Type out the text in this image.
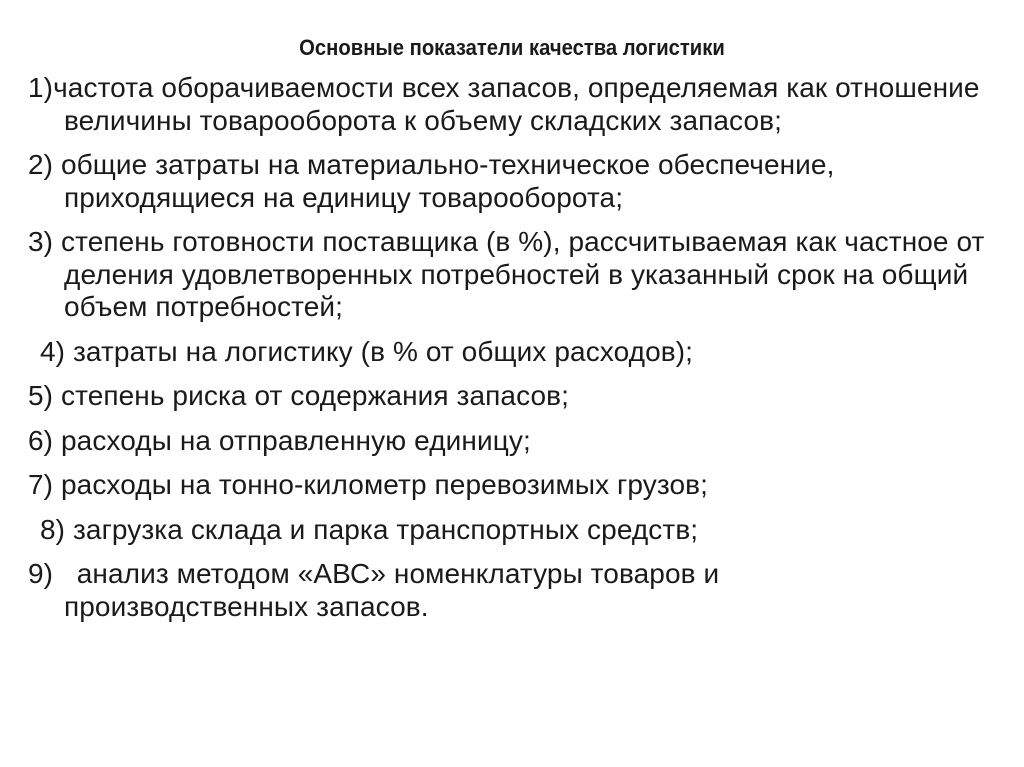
Основные показатели качества логистики
1)частота оборачиваемости всех запасов, определяемая как отношение величины товарооборота к объему складских запасов;
2) общие затраты на материально-техническое обеспечение, приходящиеся на единицу товарооборота;
3) степень готовности поставщика (в %), рассчитываемая как частное от деления удовлетворенных потребностей в указанный срок на общий объем потребностей;
4) затраты на логистику (в % от общих расходов);
5) степень риска от содержания запасов;
6) расходы на отправленную единицу;
7) расходы на тонно-километр перевозимых грузов;
8) загрузка склада и парка транспортных средств;
9)   анализ методом «АВС» номенклатуры товаров и производственных запасов.
